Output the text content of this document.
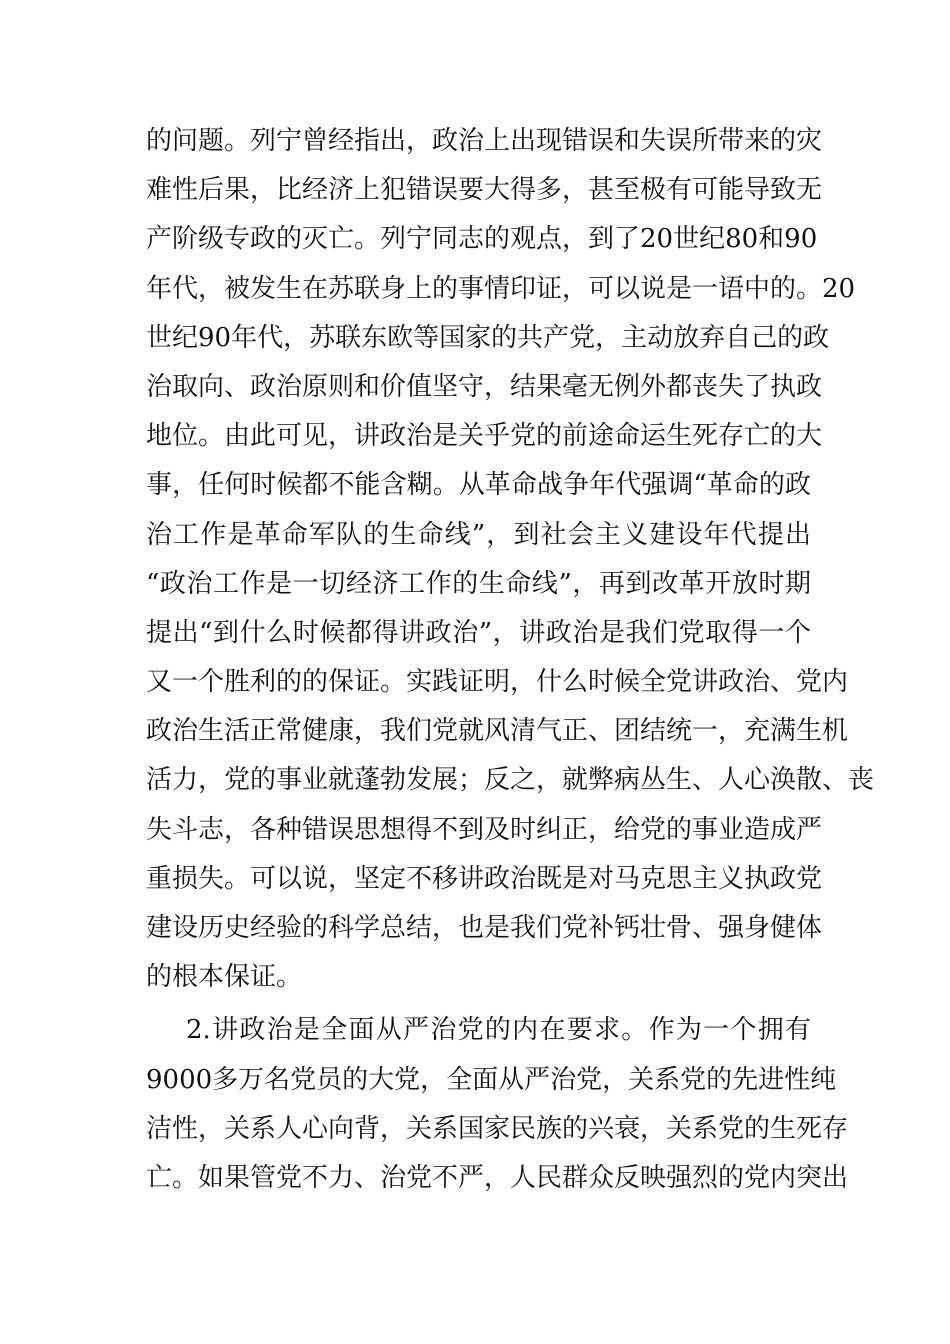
的问题。列宁曾经指出，政治上出现错误和失误所带来的灾
难性后果，比经济上犯错误要大得多，甚至极有可能导致无
产阶级专政的灭亡。列宁同志的观点，到了20世纪80和90
年代，被发生在苏联身上的事情印证，可以说是一语中的。20
世纪90年代，苏联东欧等国家的共产党，主动放弃自己的政
治取向、政治原则和价值坚守，结果毫无例外都丧失了执政
地位。由此可见，讲政治是关乎党的前途命运生死存亡的大
事，任何时候都不能含糊。从革命战争年代强调“革命的政
治工作是革命军队的生命线”，到社会主义建设年代提出
“政治工作是一切经济工作的生命线”，再到改革开放时期
提出“到什么时候都得讲政治”，讲政治是我们党取得一个
又一个胜利的的保证。实践证明，什么时候全党讲政治、党内
政治生活正常健康，我们党就风清气正、团结统一，充满生机
活力，党的事业就蓬勃发展；反之，就弊病丛生、人心涣散、丧
失斗志，各种错误思想得不到及时纠正，给党的事业造成严
重损失。可以说，坚定不移讲政治既是对马克思主义执政党
建设历史经验的科学总结，也是我们党补钙壮骨、强身健体
的根本保证。
2.讲政治是全面从严治党的内在要求。作为一个拥有
9000多万名党员的大党，全面从严治党，关系党的先进性纯
洁性，关系人心向背，关系国家民族的兴衰，关系党的生死存
亡。如果管党不力、治党不严，人民群众反映强烈的党内突出
